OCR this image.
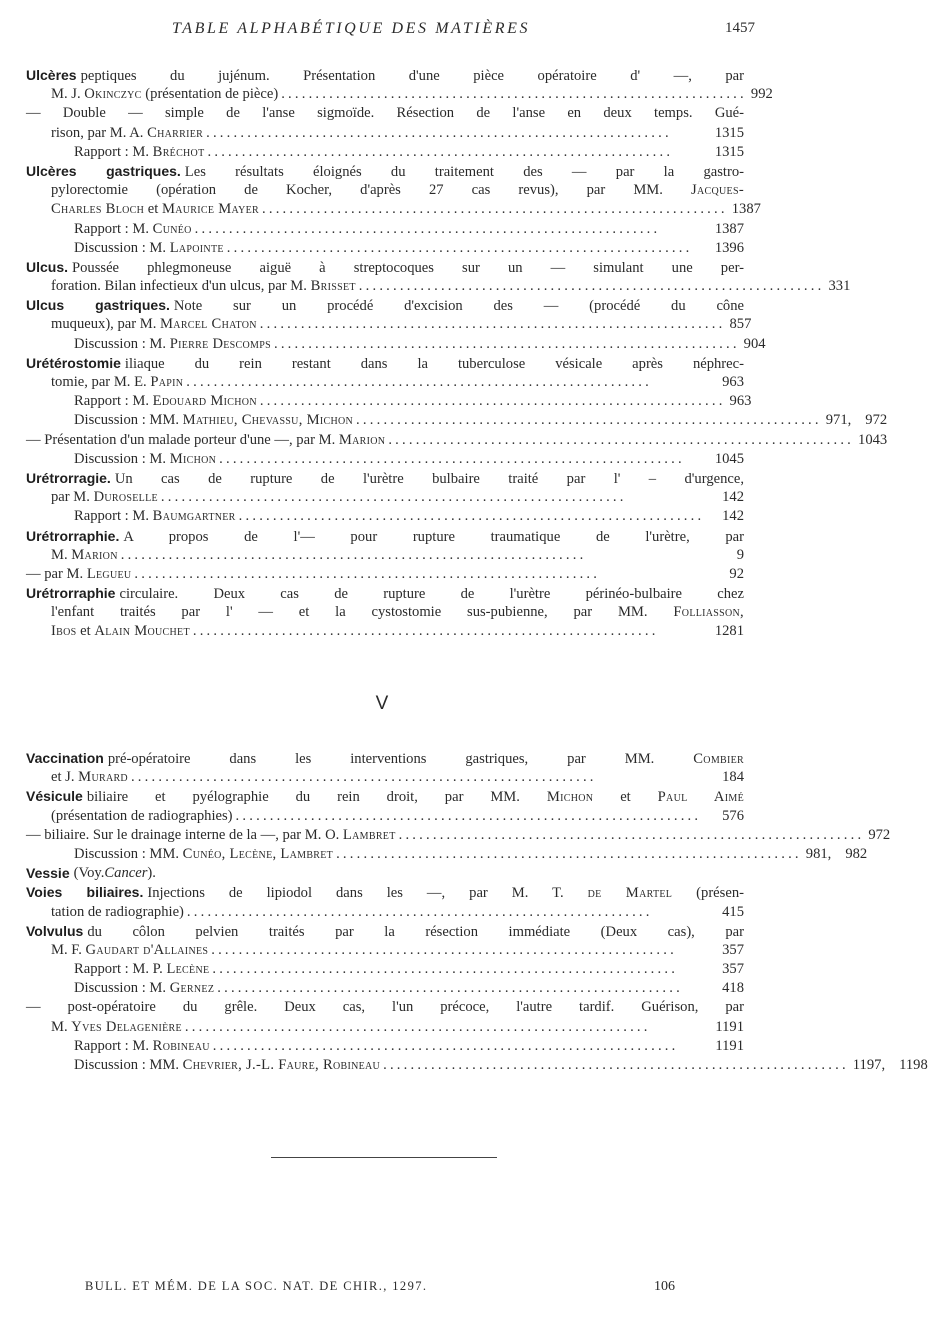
TABLE ALPHABÉTIQUE DES MATIÈRES	1457
Ulcères peptiques du jujénum. Présentation d'une pièce opératoire d' —, par
M. J. Okinczyc (présentation de pièce) .................................................................... 992
— Double — simple de l'anse sigmoïde. Résection de l'anse en deux temps. Gué-
rison, par M. A. Charrier ....................................................................	1315
Rapport : M. Bréchot ....................................................................	1315
Ulcères gastriques. Les résultats éloignés du traitement des — par la gastro-
pylorectomie (opération de Kocher, d'après 27 cas revus), par MM. Jacques-
Charles Bloch et Maurice Mayer .................................................................... 1387
Rapport : M. Cunéo ....................................................................	1387
Discussion : M. Lapointe ....................................................................	1396
Ulcus. Poussée phlegmoneuse aiguë à streptocoques sur un — simulant une per-
foration. Bilan infectieux d'un ulcus, par M. Brisset .................................................................... 331
Ulcus gastriques. Note sur un procédé d'excision des — (procédé du cône
muqueux), par M. Marcel Chaton .................................................................... 857
Discussion : M. Pierre Descomps .................................................................... 904
Urétérostomie iliaque du rein restant dans la tuberculose vésicale après néphrec-
tomie, par M. E. Papin ....................................................................	963
Rapport : M. Edouard Michon .................................................................... 963
Discussion : MM. Mathieu, Chevassu, Michon .................................................................... 971, 972
— Présentation d'un malade porteur d'une —, par M. Marion .................................................................... 1043
Discussion : M. Michon ....................................................................	1045
Urétrorragie. Un cas de rupture de l'urètre bulbaire traité par l' – d'urgence,
par M. Duroselle ....................................................................	142
Rapport : M. Baumgartner ....................................................................	142
Urétrorraphie. A propos de l'— pour rupture traumatique de l'urètre, par
M. Marion ....................................................................	9
— par M. Legueu ....................................................................	92
Urétrorraphie circulaire. Deux cas de rupture de l'urètre périnéo-bulbaire chez
l'enfant traités par l' — et la cystostomie sus-pubienne, par MM. Folliasson,
Ibos et Alain Mouchet ....................................................................	1281
V
Vaccination pré-opératoire dans les interventions gastriques, par MM. Combier
et J. Murard ....................................................................	184
Vésicule biliaire et pyélographie du rein droit, par MM. Michon et Paul Aimé
(présentation de radiographies) ....................................................................	576
— biliaire. Sur le drainage interne de la —, par M. O. Lambret .................................................................... 972
Discussion : MM. Cunéo, Lecène, Lambret .................................................................... 981, 982
Vessie (Voy. Cancer ).
Voies biliaires. Injections de lipiodol dans les —, par M. T. de Martel (présen-
tation de radiographie) ....................................................................	415
Volvulus du côlon pelvien traités par la résection immédiate (Deux cas), par
M. F. Gaudart d'Allaines ....................................................................	357
Rapport : M. P. Lecène ....................................................................	357
Discussion : M. Gernez ....................................................................	418
— post-opératoire du grêle. Deux cas, l'un précoce, l'autre tardif. Guérison, par
M. Yves Delagenière ....................................................................	1191
Rapport : M. Robineau ....................................................................	1191
Discussion : MM. Chevrier, J.-L. Faure, Robineau .................................................................... 1197, 1198
BULL. ET MÉM. DE LA SOC. NAT. DE CHIR., 1297.	106
